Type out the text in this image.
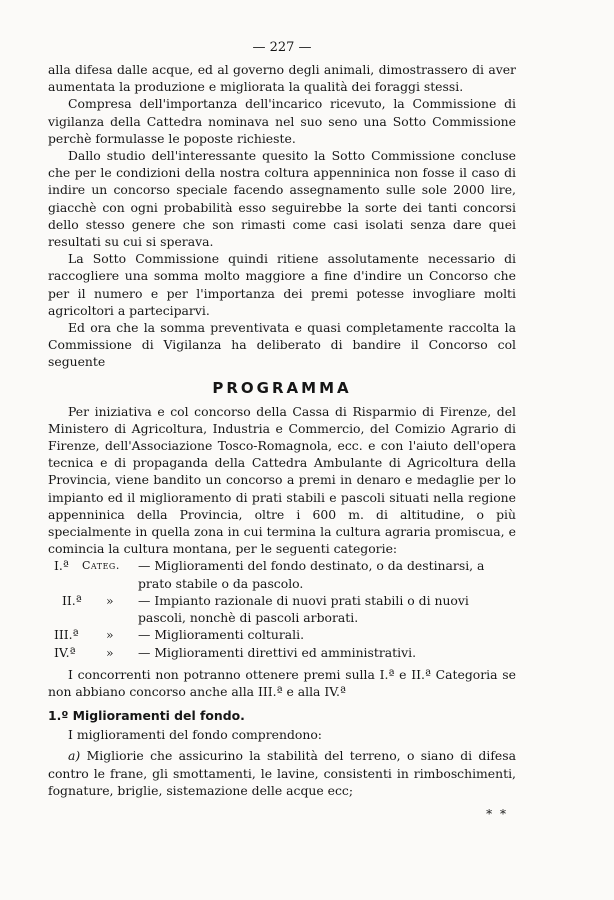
— 227 —

alla difesa dalle acque, ed al governo degli animali, dimostrassero di aver aumentata la produzione e migliorata la qualità dei foraggi stessi.

Compresa dell'importanza dell'incarico ricevuto, la Commissione di vigilanza della Cattedra nominava nel suo seno una Sotto Commissione perchè formulasse le poposte richieste.

Dallo studio dell'interessante quesito la Sotto Commissione concluse che per le condizioni della nostra coltura appenninica non fosse il caso di indire un concorso speciale facendo assegnamento sulle sole 2000 lire, giacchè con ogni probabilità esso seguirebbe la sorte dei tanti concorsi dello stesso genere che son rimasti come casi isolati senza dare quei resultati su cui si sperava.

La Sotto Commissione quindi ritiene assolutamente necessario di raccogliere una somma molto maggiore a fine d'indire un Concorso che per il numero e per l'importanza dei premi potesse invogliare molti agricoltori a parteciparvi.

Ed ora che la somma preventivata e quasi completamente raccolta la Commissione di Vigilanza ha deliberato di bandire il Concorso col seguente

PROGRAMMA

Per iniziativa e col concorso della Cassa di Risparmio di Firenze, del Ministero di Agricoltura, Industria e Commercio, del Comizio Agrario di Firenze, dell'Associazione Tosco-Romagnola, ecc. e con l'aiuto dell'opera tecnica e di propaganda della Cattedra Ambulante di Agricoltura della Provincia, viene bandito un concorso a premi in denaro e medaglie per lo impianto ed il miglioramento di prati stabili e pascoli situati nella regione appenninica della Provincia, oltre i 600 m. di altitudine, o più specialmente in quella zona in cui termina la cultura agraria promiscua, e comincia la cultura montana, per le seguenti categorie:

I.ª Categ. — Miglioramenti del fondo destinato, o da destinarsi, a prato stabile o da pascolo.
II.ª » — Impianto razionale di nuovi prati stabili o di nuovi pascoli, nonchè di pascoli arborati.
III.ª » — Miglioramenti colturali.
IV.ª » — Miglioramenti direttivi ed amministrativi.

I concorrenti non potranno ottenere premi sulla I.ª e II.ª Categoria se non abbiano concorso anche alla III.ª e alla IV.ª

1.º Miglioramenti del fondo.

I miglioramenti del fondo comprendono:

a) Migliorie che assicurino la stabilità del terreno, o siano di difesa contro le frane, gli smottamenti, le lavine, consistenti in rimboschimenti, fognature, briglie, sistemazione delle acque ecc;

* *
